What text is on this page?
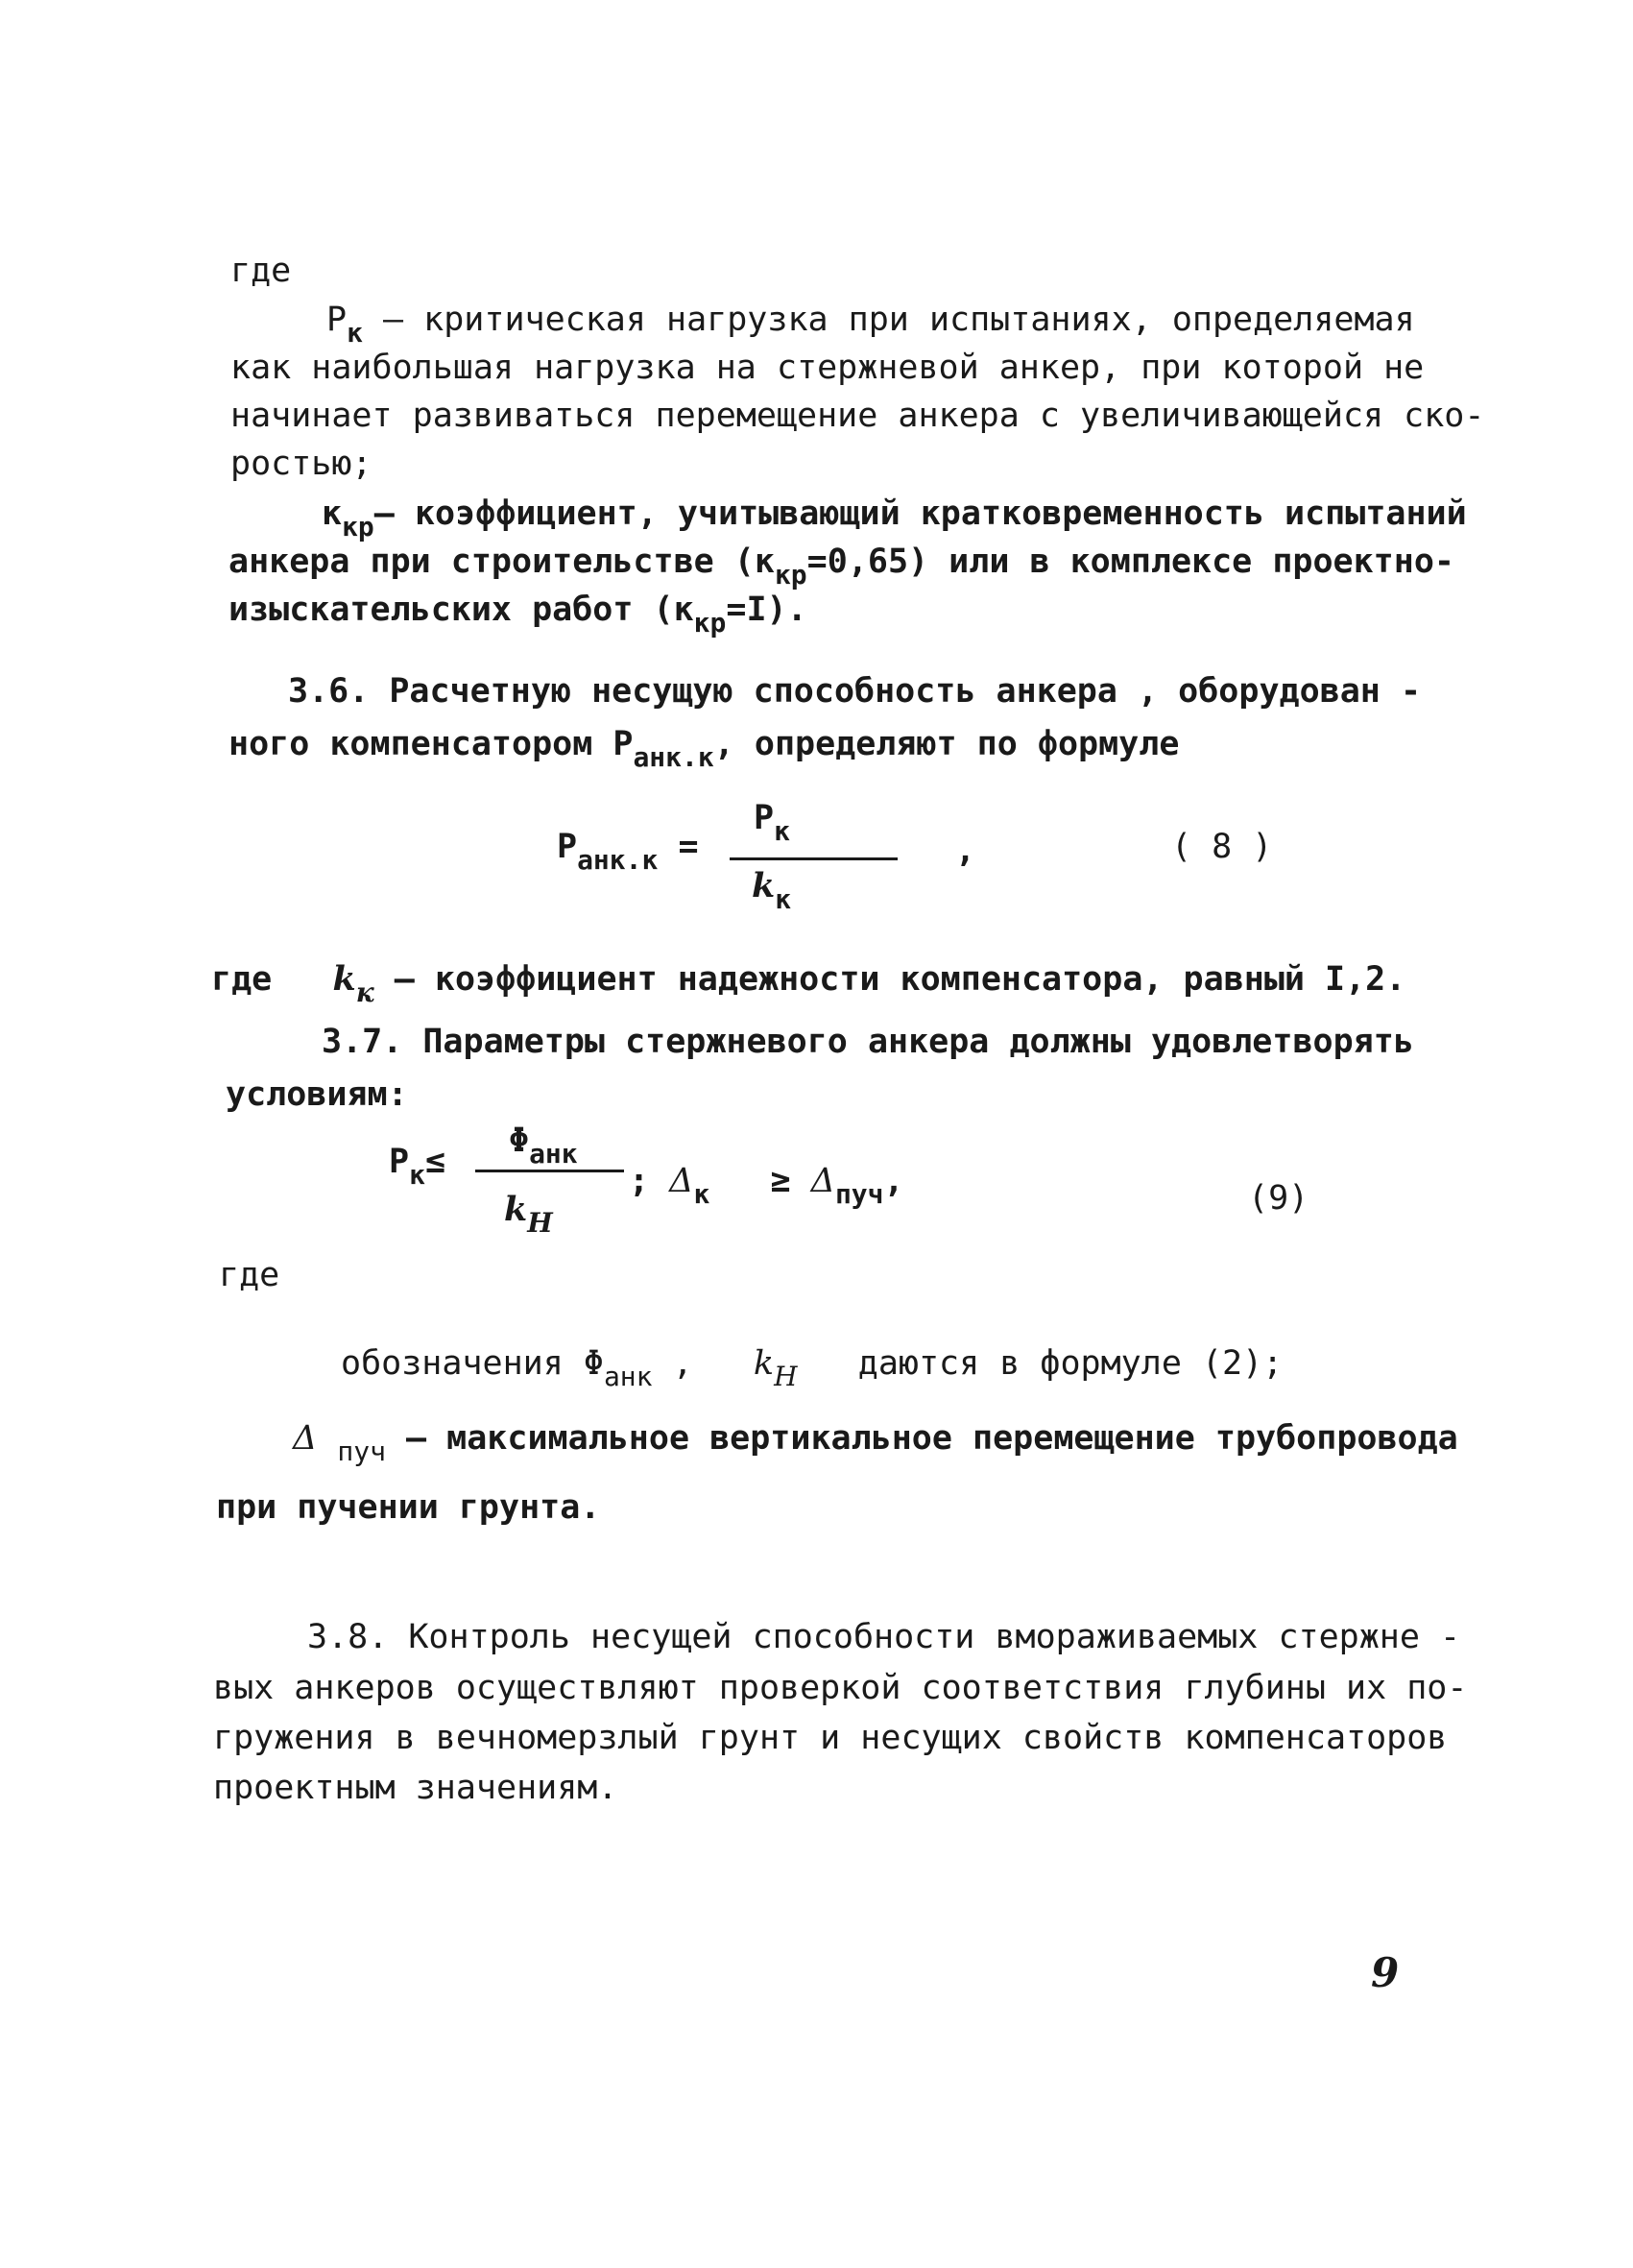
где
$P_к$ – критическая нагрузка при испытаниях, определяемая
как наибольшая нагрузка на стержневой анкер, при которой не
начинает развиваться перемещение анкера с увеличивающейся ско-
ростью;
$к_{кр}-$ коэффициент, учитывающий кратковременность испытаний
анкера при строительстве $(к_{кр}=0,65)$ или в комплексе проектно-
изыскательских работ $(к_{кр}=I)$.
3.6. Расчетную несущую способность анкера , оборудован -
ного компенсатором $P_{анк.к}$, определяют по формуле
$P_{анк.к}$ =
$P_к$
$k_к$
,	( 8 )
где $k_к$ – коэффициент надежности компенсатора, равный I,2.
3.7. Параметры стержневого анкера должны удовлетворять
условиям:
$P_к\le$
$\Phi_{анк}$
$k_H$
; $\Delta_к \ge \Delta_{пуч}$,	(9)
где
обозначения $\Phi_{анк}$ , $k_H$ даются в формуле (2);
Δ $_{пуч}$ – максимальное вертикальное перемещение трубопровода
при пучении грунта.
3.8. Контроль несущей способности вмораживаемых стержне -
вых анкеров осуществляют проверкой соответствия глубины их по-
гружения в вечномерзлый грунт и несущих свойств компенсаторов
проектным значениям.
9
